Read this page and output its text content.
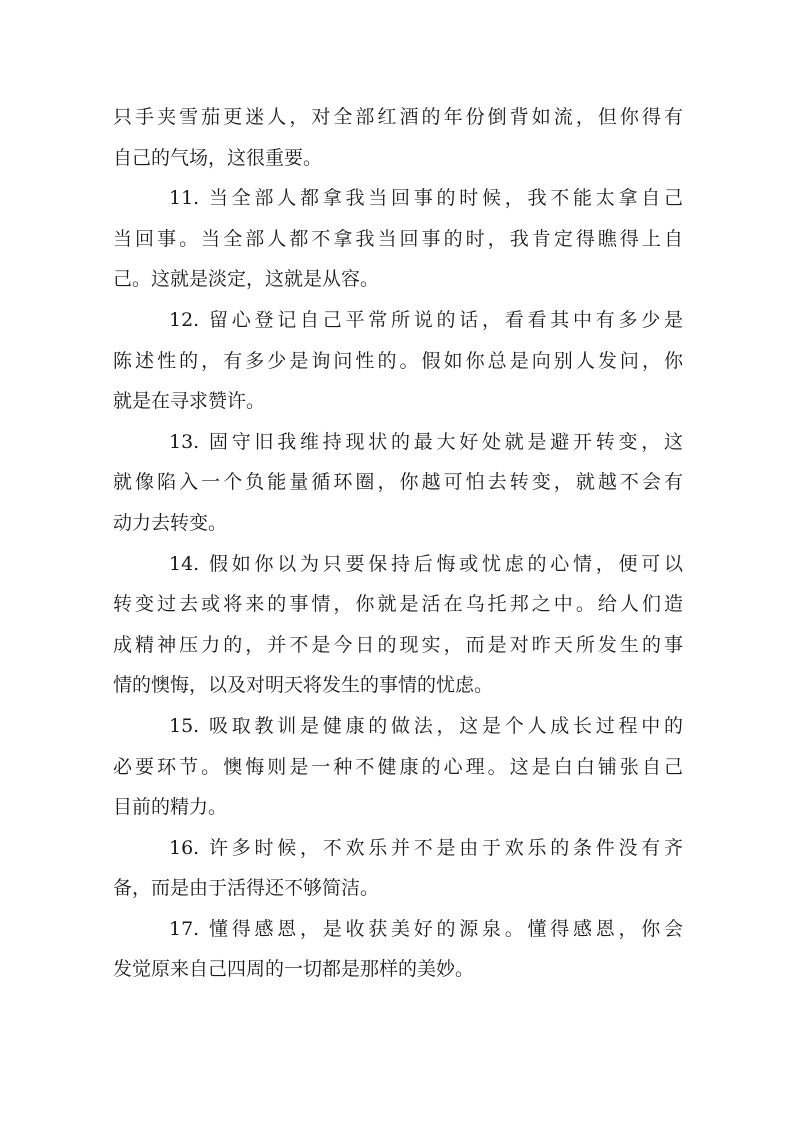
只手夹雪茄更迷人，对全部红酒的年份倒背如流，但你得有
自己的气场，这很重要。
11. 当全部人都拿我当回事的时候，我不能太拿自己
当回事。当全部人都不拿我当回事的时，我肯定得瞧得上自
己。这就是淡定，这就是从容。
12. 留心登记自己平常所说的话，看看其中有多少是
陈述性的，有多少是询问性的。假如你总是向别人发问，你
就是在寻求赞许。
13. 固守旧我维持现状的最大好处就是避开转变，这
就像陷入一个负能量循环圈，你越可怕去转变，就越不会有
动力去转变。
14. 假如你以为只要保持后悔或忧虑的心情，便可以
转变过去或将来的事情，你就是活在乌托邦之中。给人们造
成精神压力的，并不是今日的现实，而是对昨天所发生的事
情的懊悔，以及对明天将发生的事情的忧虑。
15. 吸取教训是健康的做法，这是个人成长过程中的
必要环节。懊悔则是一种不健康的心理。这是白白铺张自己
目前的精力。
16. 许多时候，不欢乐并不是由于欢乐的条件没有齐
备，而是由于活得还不够简洁。
17. 懂得感恩，是收获美好的源泉。懂得感恩，你会
发觉原来自己四周的一切都是那样的美妙。
